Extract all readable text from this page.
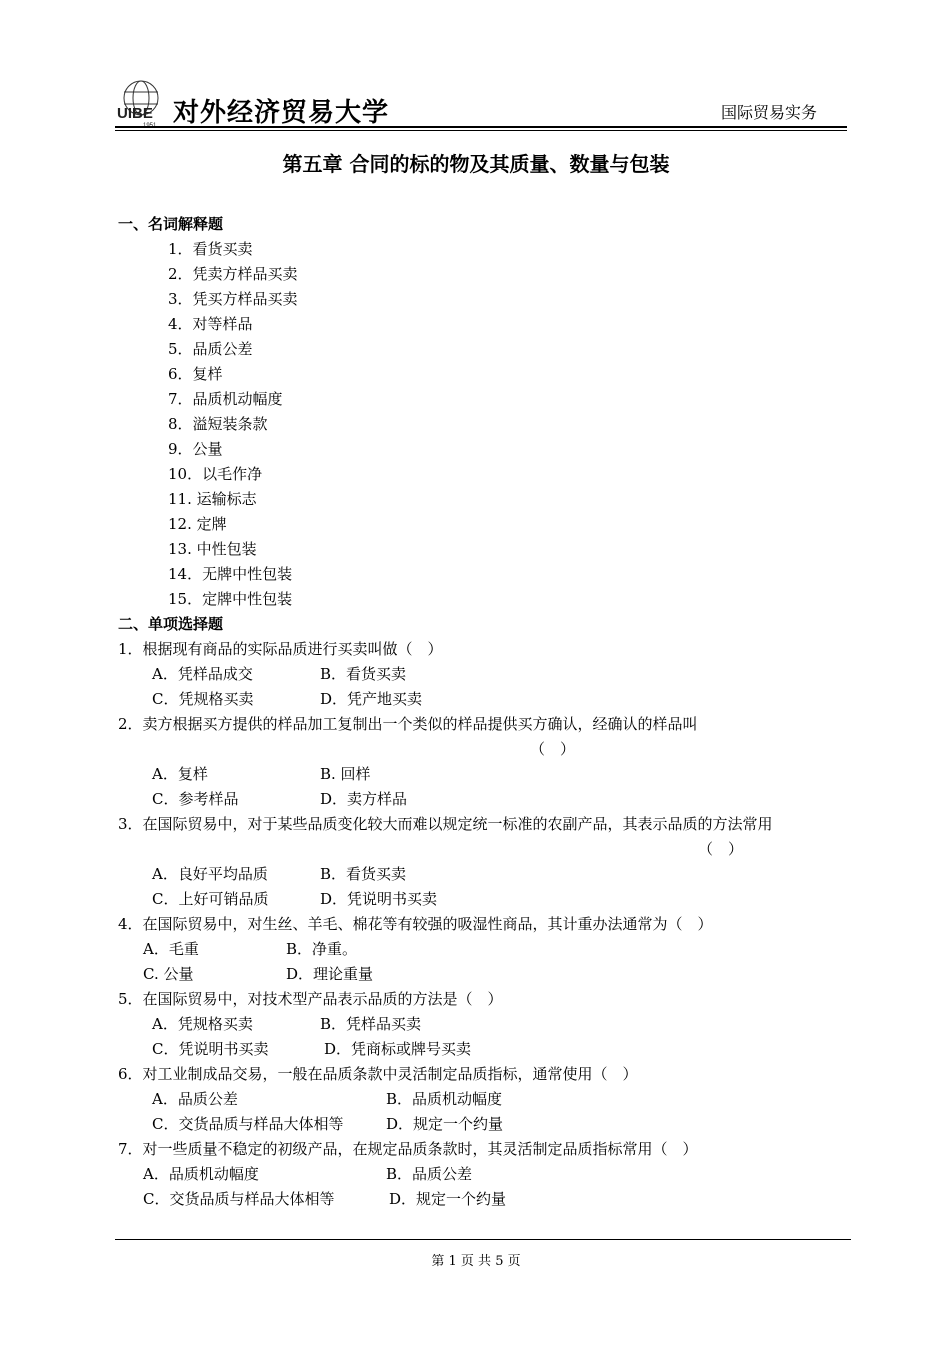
UIBE
1951 对外经济贸易大学	国际贸易实务
第五章 合同的标的物及其质量、数量与包装
一、名词解释题
1．看货买卖
2．凭卖方样品买卖
3．凭买方样品买卖
4．对等样品
5．品质公差
6．复样
7．品质机动幅度
8．溢短装条款
9．公量
10．以毛作净
11. 运输标志
12. 定牌
13. 中性包装
14．无牌中性包装
15．定牌中性包装
二、单项选择题
1．根据现有商品的实际品质进行买卖叫做（　）
A．凭样品成交	B．看货买卖
C．凭规格买卖	D．凭产地买卖
2．卖方根据买方提供的样品加工复制出一个类似的样品提供买方确认，经确认的样品叫
（　）
A．复样	B. 回样
C．参考样品	D．卖方样品
3．在国际贸易中，对于某些品质变化较大而难以规定统一标准的农副产品，其表示品质的方法常用
（　）
A．良好平均品质	B．看货买卖
C．上好可销品质	D．凭说明书买卖
4．在国际贸易中，对生丝、羊毛、棉花等有较强的吸湿性商品，其计重办法通常为（　）
A．毛重	B．净重。
C. 公量	D．理论重量
5．在国际贸易中，对技术型产品表示品质的方法是（　）
A．凭规格买卖	B．凭样品买卖
C．凭说明书买卖	D．凭商标或牌号买卖
6．对工业制成品交易，一般在品质条款中灵活制定品质指标，通常使用（　）
A．品质公差	B．品质机动幅度
C．交货品质与样品大体相等	D．规定一个约量
7．对一些质量不稳定的初级产品，在规定品质条款时，其灵活制定品质指标常用（　）
A．品质机动幅度	B．品质公差
C．交货品质与样品大体相等	D．规定一个约量
第 1 页 共 5 页
